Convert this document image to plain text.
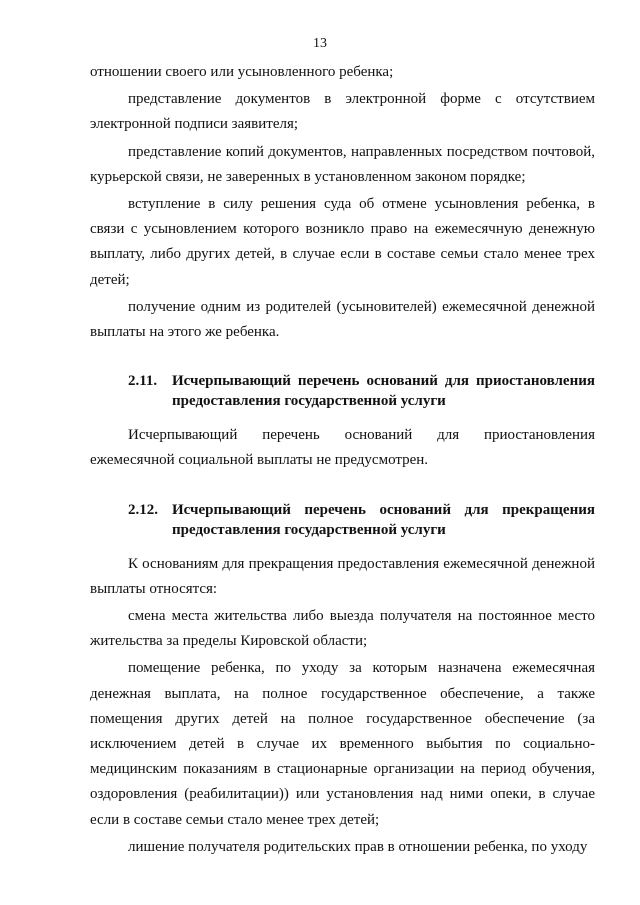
13

отношении своего или усыновленного ребенка;

представление документов в электронной форме с отсутствием электронной подписи заявителя;

представление копий документов, направленных посредством почтовой, курьерской связи, не заверенных в установленном законом порядке;

вступление в силу решения суда об отмене усыновления ребенка, в связи с усыновлением которого возникло право на ежемесячную денежную выплату, либо других детей, в случае если в составе семьи стало менее трех детей;

получение одним из родителей (усыновителей) ежемесячной денежной выплаты на этого же ребенка.

2.11. Исчерпывающий перечень оснований для приостановления
предоставления государственной услуги

Исчерпывающий перечень оснований для приостановления ежемесячной социальной выплаты не предусмотрен.

2.12. Исчерпывающий перечень оснований для прекращения
предоставления государственной услуги

К основаниям для прекращения предоставления ежемесячной денежной выплаты относятся:

смена места жительства либо выезда получателя на постоянное место жительства за пределы Кировской области;

помещение ребенка, по уходу за которым назначена ежемесячная денежная выплата, на полное государственное обеспечение, а также помещения других детей на полное государственное обеспечение (за исключением детей в случае их временного выбытия по социально-медицинским показаниям в стационарные организации на период обучения, оздоровления (реабилитации)) или установления над ними опеки, в случае если в составе семьи стало менее трех детей;

лишение получателя родительских прав в отношении ребенка, по уходу
